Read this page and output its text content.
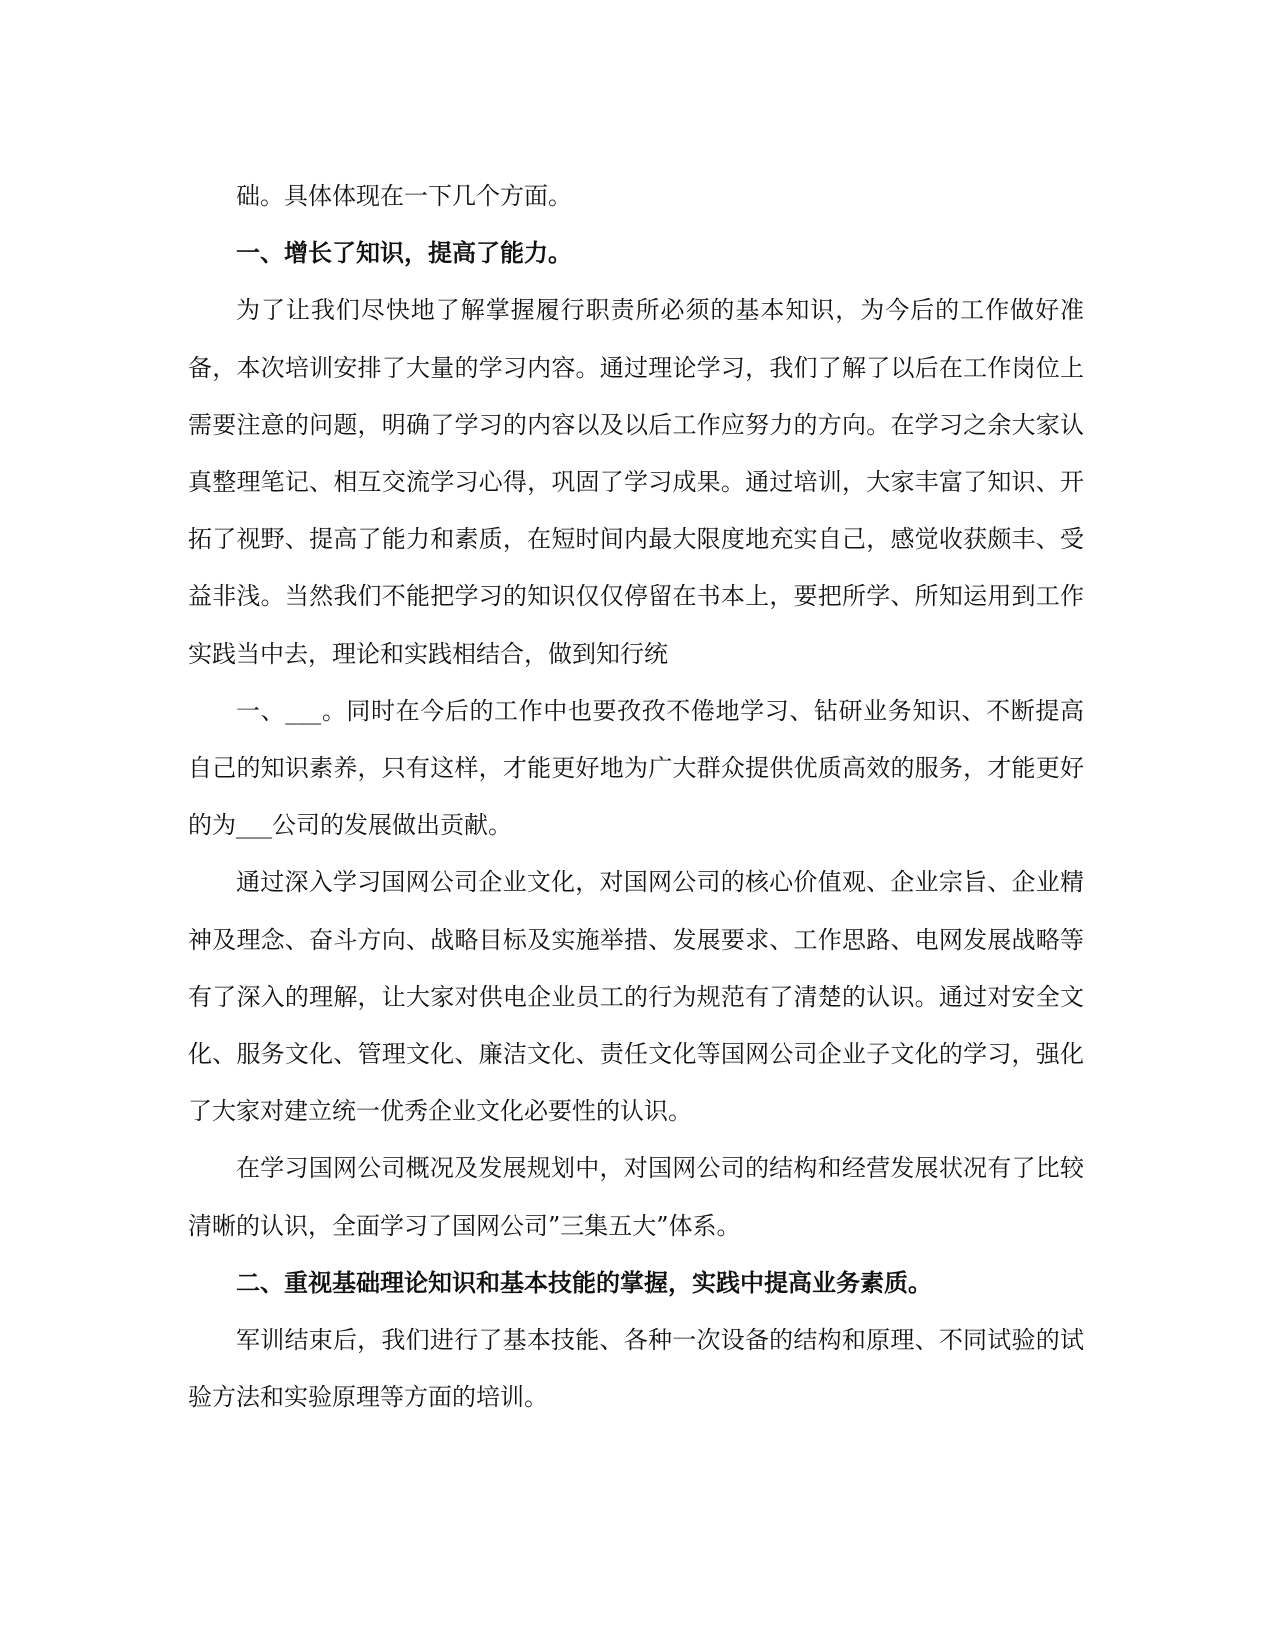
础。具体体现在一下几个方面。

一、增长了知识，提高了能力。

为了让我们尽快地了解掌握履行职责所必须的基本知识，为今后的工作做好准备，本次培训安排了大量的学习内容。通过理论学习，我们了解了以后在工作岗位上需要注意的问题，明确了学习的内容以及以后工作应努力的方向。在学习之余大家认真整理笔记、相互交流学习心得，巩固了学习成果。通过培训，大家丰富了知识、开拓了视野、提高了能力和素质，在短时间内最大限度地充实自己，感觉收获颇丰、受益非浅。当然我们不能把学习的知识仅仅停留在书本上，要把所学、所知运用到工作实践当中去，理论和实践相结合，做到知行统

一、___。同时在今后的工作中也要孜孜不倦地学习、钻研业务知识、不断提高自己的知识素养，只有这样，才能更好地为广大群众提供优质高效的服务，才能更好的为___公司的发展做出贡献。

通过深入学习国网公司企业文化，对国网公司的核心价值观、企业宗旨、企业精神及理念、奋斗方向、战略目标及实施举措、发展要求、工作思路、电网发展战略等有了深入的理解，让大家对供电企业员工的行为规范有了清楚的认识。通过对安全文化、服务文化、管理文化、廉洁文化、责任文化等国网公司企业子文化的学习，强化了大家对建立统一优秀企业文化必要性的认识。

在学习国网公司概况及发展规划中，对国网公司的结构和经营发展状况有了比较清晰的认识，全面学习了国网公司”三集五大”体系。

二、重视基础理论知识和基本技能的掌握，实践中提高业务素质。

军训结束后，我们进行了基本技能、各种一次设备的结构和原理、不同试验的试验方法和实验原理等方面的培训。
